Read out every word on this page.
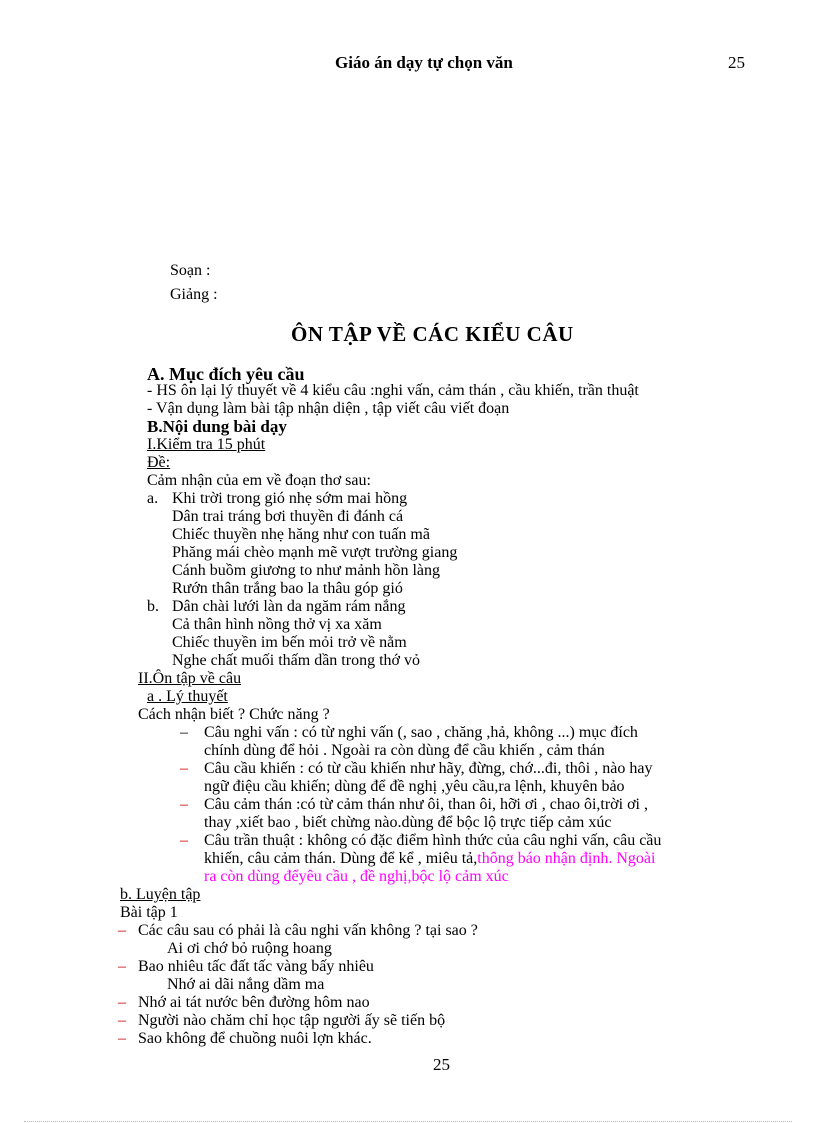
Giáo án dạy tự chọn văn	25
Soạn :
Giảng :
ÔN TẬP VỀ CÁC KIỂU CÂU
A. Mục đích yêu cầu
- HS ôn lại lý thuyết về 4 kiểu câu :nghi vấn, cảm thán , cầu khiến, trần thuật
- Vận dụng làm bài tập nhận diện , tập viết câu viết đoạn
B.Nội dung bài dạy
I.Kiểm tra 15 phút
Đề:
Cảm nhận của em về đoạn thơ sau:
a. Khi trời trong gió nhẹ sớm mai hồng
Dân trai tráng bơi thuyền đi đánh cá
Chiếc thuyền nhẹ hăng như con tuấn mã
Phăng mái chèo mạnh mẽ vượt trường giang
Cánh buồm giương to như mảnh hồn làng
Rướn thân trắng bao la thâu góp gió
b. Dân chài lưới làn da ngăm rám nắng
Cả thân hình nồng thở vị xa xăm
Chiếc thuyền im bến mỏi trở về nằm
Nghe chất muối thấm dần trong thớ vỏ
II.Ôn tập về câu
a . Lý thuyết
Cách nhận biết ? Chức năng ?
– Câu nghi vấn : có từ nghi vấn (, sao , chăng ,hả, không ...) mục đích
chính dùng để hỏi . Ngoài ra còn dùng để cầu khiến , cảm thán
– Câu cầu khiến : có từ cầu khiến như hãy, đừng, chớ...đi, thôi , nào hay
ngữ điệu cầu khiến; dùng để đề nghị ,yêu cầu,ra lệnh, khuyên bảo
– Câu cảm thán :có từ cảm thán như ôi, than ôi, hỡi ơi , chao ôi,trời ơi ,
thay ,xiết bao , biết chừng nào.dùng để bộc lộ trực tiếp cảm xúc
– Câu trần thuật : không có đặc điểm hình thức của câu nghi vấn, câu cầu
khiến, câu cảm thán. Dùng để kể , miêu tả,thông báo nhận định. Ngoài
ra còn dùng đểyêu cầu , đề nghị,bộc lộ cảm xúc
b. Luyện tập
Bài tập 1
– Các câu sau có phải là câu nghi vấn không ? tại sao ?
Ai ơi chớ bỏ ruộng hoang
– Bao nhiêu tấc đất tấc vàng bấy nhiêu
Nhớ ai dãi nắng dầm ma
– Nhớ ai tát nước bên đường hôm nao
– Người nào chăm chỉ học tập người ấy sẽ tiến bộ
– Sao không để chuồng nuôi lợn khác.
25
